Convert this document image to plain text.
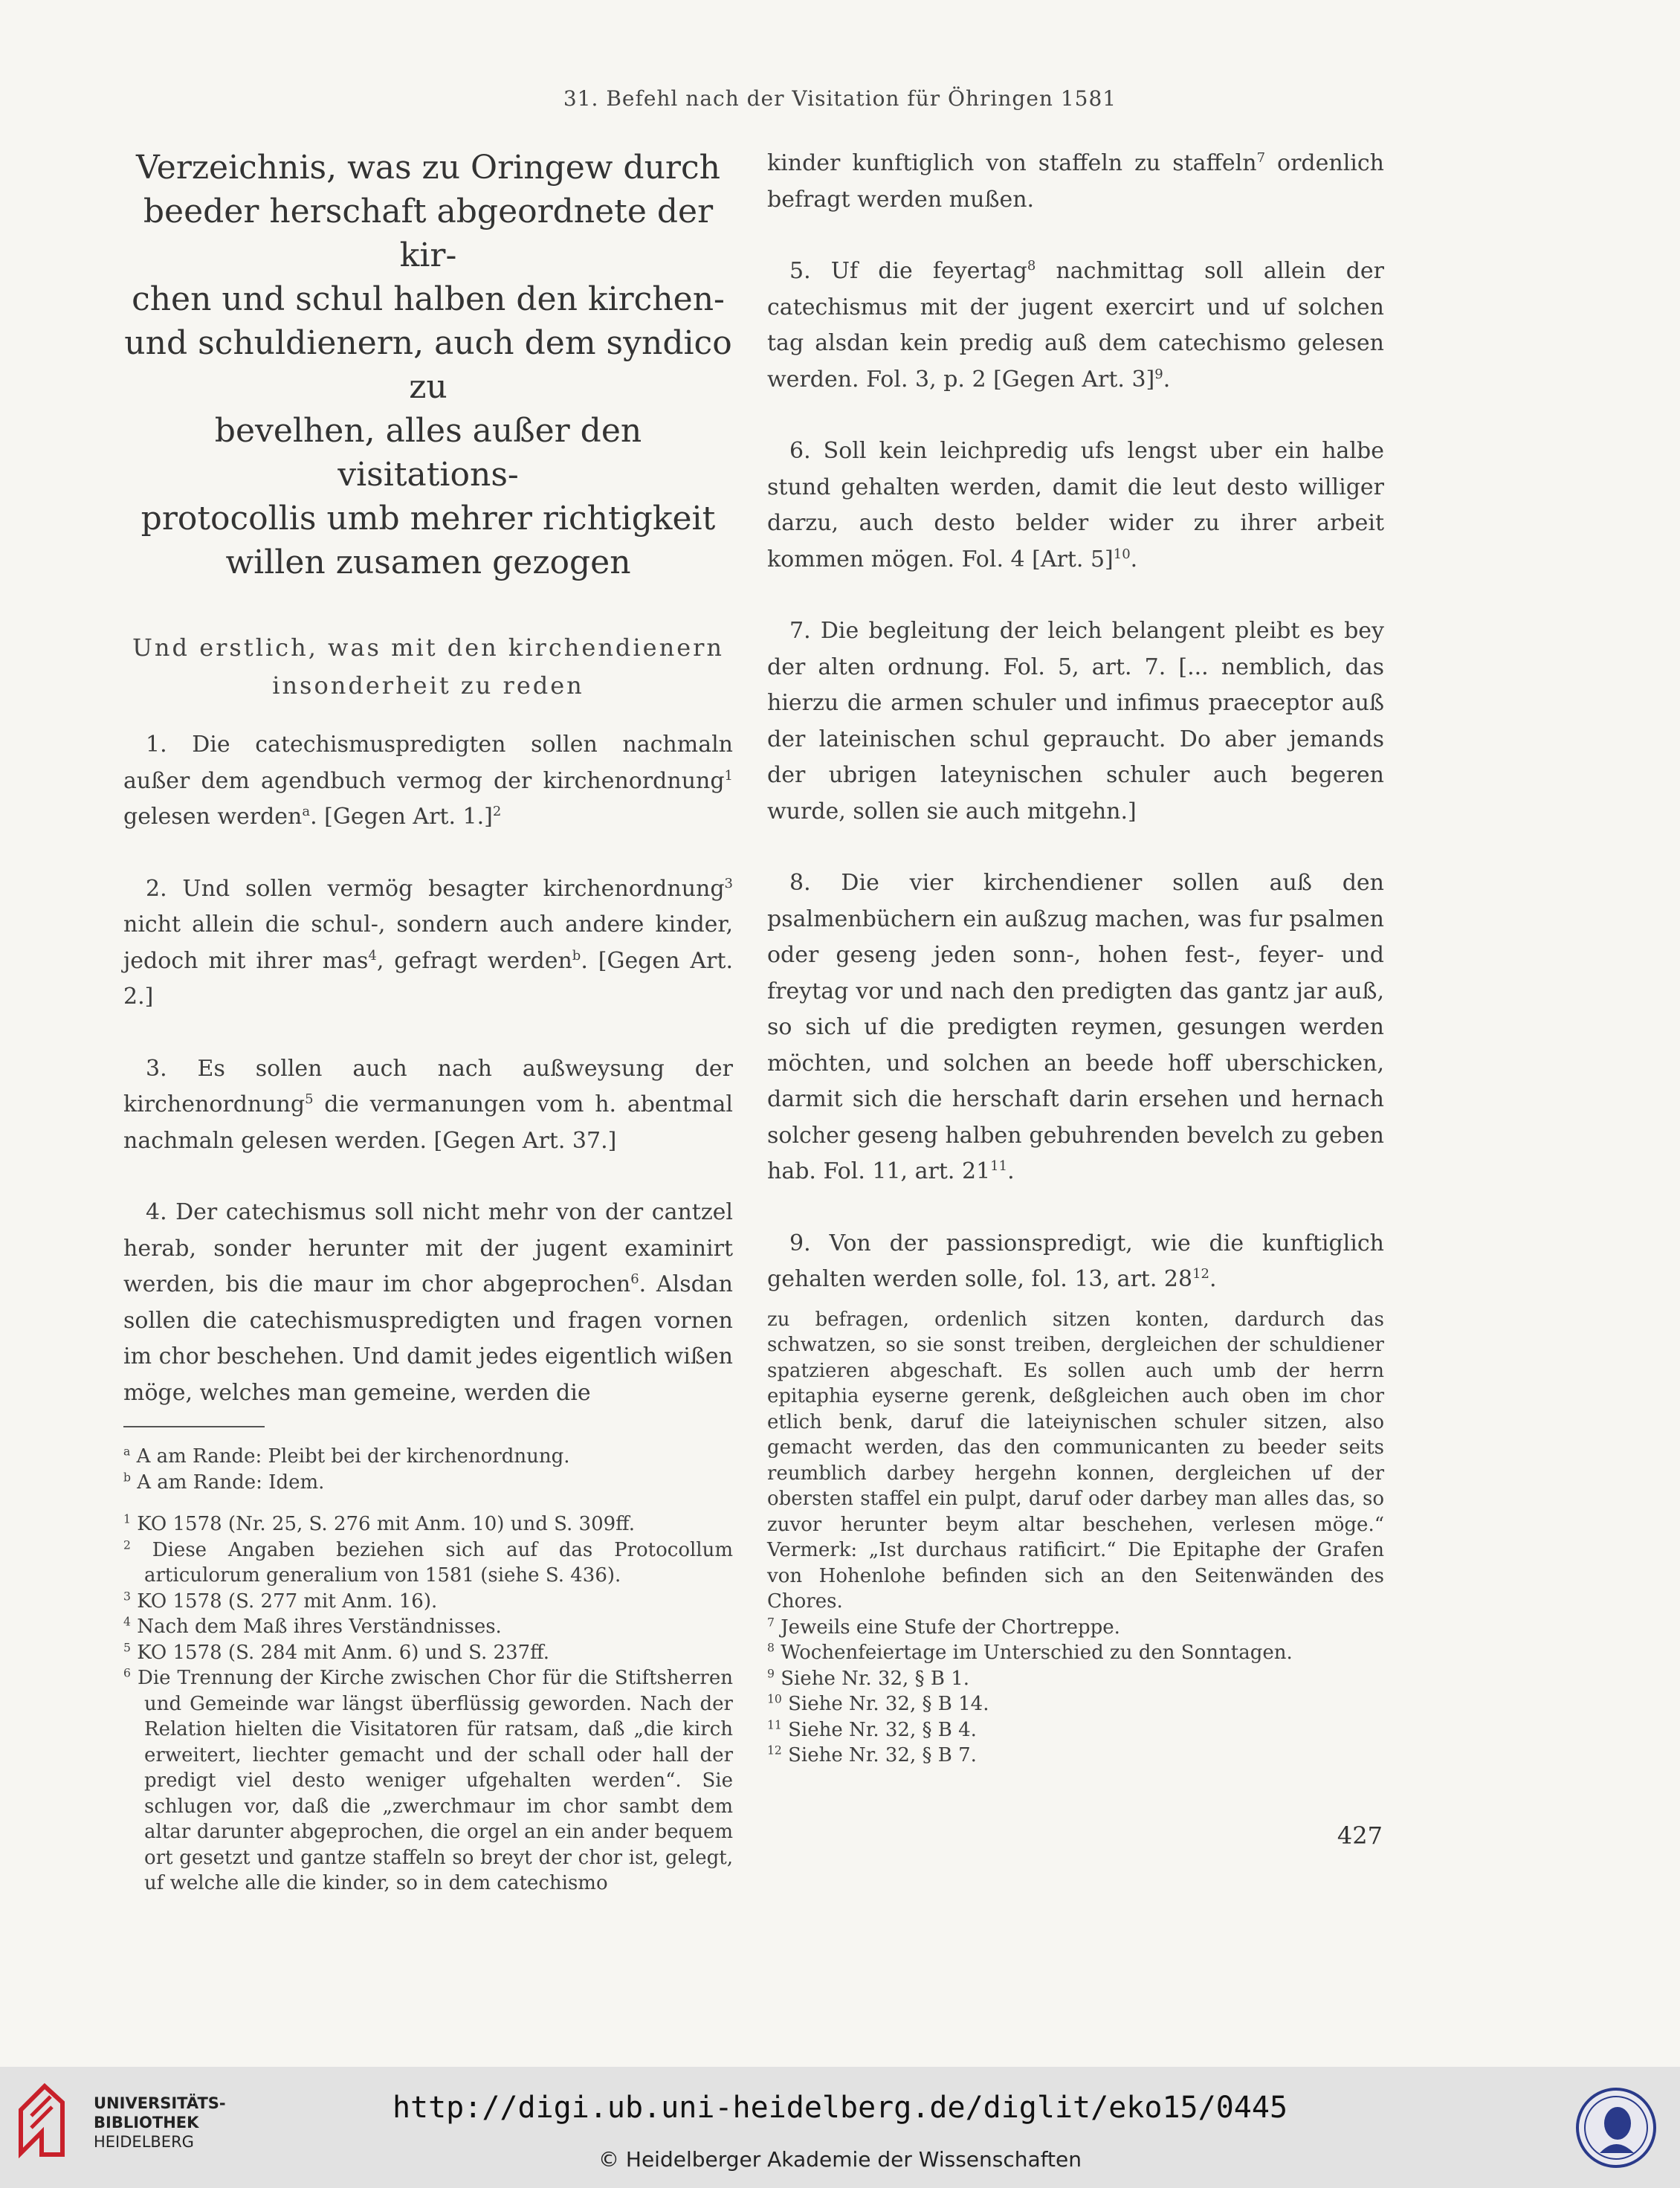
31. Befehl nach der Visitation für Öhringen 1581
Verzeichnis, was zu Oringew durch
beeder herschaft abgeordnete der kir-
chen und schul halben den kirchen-
und schuldienern, auch dem syndico zu
bevelhen, alles außer den visitations-
protocollis umb mehrer richtigkeit
willen zusamen gezogen
Und erstlich, was mit den kirchendienern
insonderheit zu reden

1. Die catechismuspredigten sollen nachmaln außer dem agendbuch vermog der kirchenordnung$^1$ gelesen werden$^a$. [Gegen Art. 1.]$^2$

2. Und sollen vermög besagter kirchenordnung$^3$ nicht allein die schul-, sondern auch andere kinder, jedoch mit ihrer mas$^4$, gefragt werden$^b$. [Gegen Art. 2.]

3. Es sollen auch nach außweysung der kirchenordnung$^5$ die vermanungen vom h. abentmal nachmaln gelesen werden. [Gegen Art. 37.]

4. Der catechismus soll nicht mehr von der cantzel herab, sonder herunter mit der jugent examinirt werden, bis die maur im chor abgeprochen$^6$. Alsdan sollen die catechismuspredigten und fragen vornen im chor beschehen. Und damit jedes eigentlich wißen möge, welches man gemeine, werden die

$^a$ A am Rande: Pleibt bei der kirchenordnung.

$^b$ A am Rande: Idem.

$^1$ KO 1578 (Nr. 25, S. 276 mit Anm. 10) und S. 309ff.

$^2$ Diese Angaben beziehen sich auf das Protocollum articulorum generalium von 1581 (siehe S. 436).

$^3$ KO 1578 (S. 277 mit Anm. 16).

$^4$ Nach dem Maß ihres Verständnisses.

$^5$ KO 1578 (S. 284 mit Anm. 6) und S. 237ff.

$^6$ Die Trennung der Kirche zwischen Chor für die Stiftsherren und Gemeinde war längst überflüssig geworden. Nach der Relation hielten die Visitatoren für ratsam, daß „die kirch erweitert, liechter gemacht und der schall oder hall der predigt viel desto weniger ufgehalten werden“. Sie schlugen vor, daß die „zwerchmaur im chor sambt dem altar darunter abgeprochen, die orgel an ein ander bequem ort gesetzt und gantze staffeln so breyt der chor ist, gelegt, uf welche alle die kinder, so in dem catechismo

kinder kunftiglich von staffeln zu staffeln$^7$ ordenlich befragt werden mußen.

5. Uf die feyertag$^8$ nachmittag soll allein der catechismus mit der jugent exercirt und uf solchen tag alsdan kein predig auß dem catechismo gelesen werden. Fol. 3, p. 2 [Gegen Art. 3]$^9$.

6. Soll kein leichpredig ufs lengst uber ein halbe stund gehalten werden, damit die leut desto williger darzu, auch desto belder wider zu ihrer arbeit kommen mögen. Fol. 4 [Art. 5]$^{10}$.

7. Die begleitung der leich belangent pleibt es bey der alten ordnung. Fol. 5, art. 7. [... nemblich, das hierzu die armen schuler und infimus praeceptor auß der lateinischen schul geprauсht. Do aber jemands der ubrigen lateynischen schuler auch begeren wurde, sollen sie auch mitgehn.]

8. Die vier kirchendiener sollen auß den psalmenbüchern ein außzug machen, was fur psalmen oder geseng jeden sonn-, hohen fest-, feyer- und freytag vor und nach den predigten das gantz jar auß, so sich uf die predigten reymen, gesungen werden möchten, und solchen an beede hoff uberschicken, darmit sich die herschaft darin ersehen und hernach solcher geseng halben gebuhrenden bevelch zu geben hab. Fol. 11, art. $21^{11}$.

9. Von der passionspredigt, wie die kunftiglich gehalten werden solle, fol. 13, art. $28^{12}$.

zu befragen, ordenlich sitzen konten, dardurch das schwatzen, so sie sonst treiben, dergleichen der schuldiener spatzieren abgeschaft. Es sollen auch umb der herrn epitaphia eyserne gerenk, deßgleichen auch oben im chor etlich benk, daruf die lateiynischen schuler sitzen, also gemacht werden, das den communicanten zu beeder seits reumblich darbey hergehn konnen, dergleichen uf der obersten staffel ein pulpt, daruf oder darbey man alles das, so zuvor herunter beym altar beschehen, verlesen möge.“ Vermerk: „Ist durchaus ratificirt.“ Die Epitaphe der Grafen von Hohenlohe befinden sich an den Seitenwänden des Chores.

$^7$ Jeweils eine Stufe der Chortreppe.

$^8$ Wochenfeiertage im Unterschied zu den Sonntagen.

$^9$ Siehe Nr. 32, § B 1.

$^{10}$ Siehe Nr. 32, § B 14.

$^{11}$ Siehe Nr. 32, § B 4.

$^{12}$ Siehe Nr. 32, § B 7.

427
UNIVERSITÄTS-
BIBLIOTHEK
HEIDELBERG
http://digi.ub.uni-heidelberg.de/diglit/eko15/0445
© Heidelberger Akademie der Wissenschaften
